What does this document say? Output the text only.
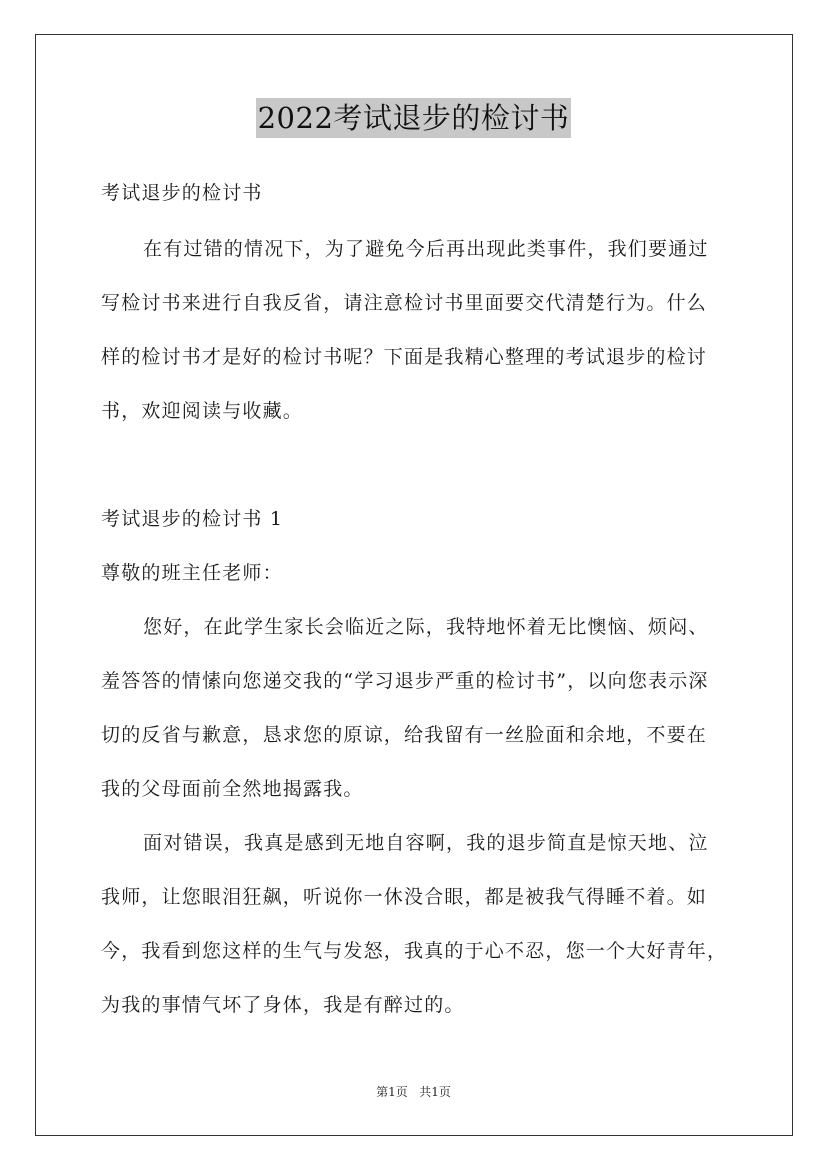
2022考试退步的检讨书
考试退步的检讨书
在有过错的情况下，为了避免今后再出现此类事件，我们要通过
写检讨书来进行自我反省，请注意检讨书里面要交代清楚行为。什么
样的检讨书才是好的检讨书呢？下面是我精心整理的考试退步的检讨
书，欢迎阅读与收藏。
考试退步的检讨书 1
尊敬的班主任老师：
您好，在此学生家长会临近之际，我特地怀着无比懊恼、烦闷、
羞答答的情愫向您递交我的“学习退步严重的检讨书”，以向您表示深
切的反省与歉意，恳求您的原谅，给我留有一丝脸面和余地，不要在
我的父母面前全然地揭露我。
面对错误，我真是感到无地自容啊，我的退步简直是惊天地、泣
我师，让您眼泪狂飙，听说你一休没合眼，都是被我气得睡不着。如
今，我看到您这样的生气与发怒，我真的于心不忍，您一个大好青年，
为我的事情气坏了身体，我是有醉过的。
第1页 共1页
